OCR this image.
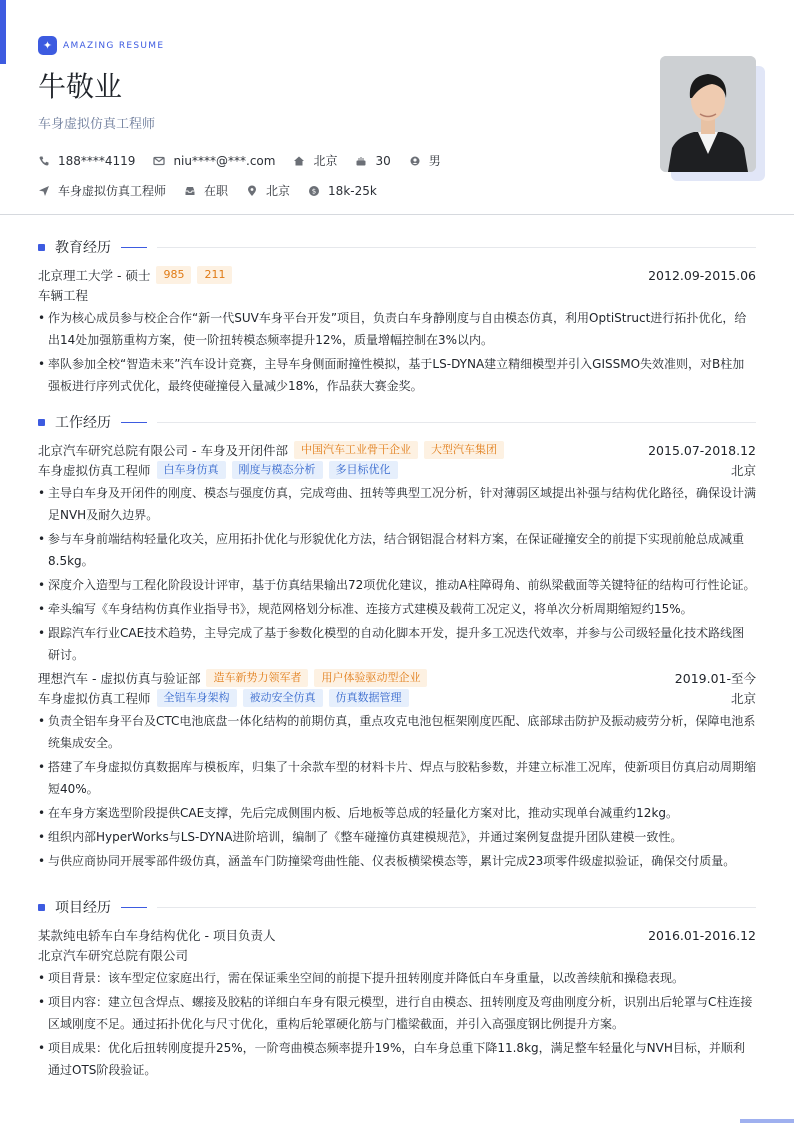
✦	AMAZING RESUME
牛敬业
车身虚拟仿真工程师
188****4119	niu****@***.com	北京	30	男
车身虚拟仿真工程师	在职	北京	$ 18k-25k
教育经历
北京理工大学 - 硕士	985	211	2012.09-2015.06
车辆工程
• 作为核心成员参与校企合作“新一代SUV车身平台开发”项目，负责白车身静刚度与自由模态仿真，利用OptiStruct进行拓扑优化，给出14处加强筋重构方案，使一阶扭转模态频率提升12%，质量增幅控制在3%以内。
• 率队参加全校“智造未来”汽车设计竞赛，主导车身侧面耐撞性模拟，基于LS-DYNA建立精细模型并引入GISSMO失效准则，对B柱加强板进行序列式优化，最终使碰撞侵入量减少18%，作品获大赛金奖。
工作经历
北京汽车研究总院有限公司 - 车身及开闭件部	中国汽车工业骨干企业	大型汽车集团	2015.07-2018.12
车身虚拟仿真工程师	白车身仿真	刚度与模态分析	多目标优化	北京
• 主导白车身及开闭件的刚度、模态与强度仿真，完成弯曲、扭转等典型工况分析，针对薄弱区域提出补强与结构优化路径，确保设计满足NVH及耐久边界。
• 参与车身前端结构轻量化攻关，应用拓扑优化与形貌优化方法，结合钢铝混合材料方案，在保证碰撞安全的前提下实现前舱总成减重8.5kg。
• 深度介入造型与工程化阶段设计评审，基于仿真结果输出72项优化建议，推动A柱障碍角、前纵梁截面等关键特征的结构可行性论证。
• 牵头编写《车身结构仿真作业指导书》，规范网格划分标准、连接方式建模及载荷工况定义，将单次分析周期缩短约15%。
• 跟踪汽车行业CAE技术趋势，主导完成了基于参数化模型的自动化脚本开发，提升多工况迭代效率，并参与公司级轻量化技术路线图研讨。
理想汽车 - 虚拟仿真与验证部	造车新势力领军者	用户体验驱动型企业	2019.01-至今
车身虚拟仿真工程师	全铝车身架构	被动安全仿真	仿真数据管理	北京
• 负责全铝车身平台及CTC电池底盘一体化结构的前期仿真，重点攻克电池包框架刚度匹配、底部球击防护及振动疲劳分析，保障电池系统集成安全。
• 搭建了车身虚拟仿真数据库与模板库，归集了十余款车型的材料卡片、焊点与胶粘参数，并建立标准工况库，使新项目仿真启动周期缩短40%。
• 在车身方案选型阶段提供CAE支撑，先后完成侧围内板、后地板等总成的轻量化方案对比，推动实现单台减重约12kg。
• 组织内部HyperWorks与LS-DYNA进阶培训，编制了《整车碰撞仿真建模规范》，并通过案例复盘提升团队建模一致性。
• 与供应商协同开展零部件级仿真，涵盖车门防撞梁弯曲性能、仪表板横梁模态等，累计完成23项零件级虚拟验证，确保交付质量。
项目经历
某款纯电轿车白车身结构优化 - 项目负责人	2016.01-2016.12
北京汽车研究总院有限公司
• 项目背景：该车型定位家庭出行，需在保证乘坐空间的前提下提升扭转刚度并降低白车身重量，以改善续航和操稳表现。
• 项目内容：建立包含焊点、螺接及胶粘的详细白车身有限元模型，进行自由模态、扭转刚度及弯曲刚度分析，识别出后轮罩与C柱连接区域刚度不足。通过拓扑优化与尺寸优化，重构后轮罩硬化筋与门槛梁截面，并引入高强度钢比例提升方案。
• 项目成果：优化后扭转刚度提升25%，一阶弯曲模态频率提升19%，白车身总重下降11.8kg，满足整车轻量化与NVH目标，并顺利通过OTS阶段验证。
